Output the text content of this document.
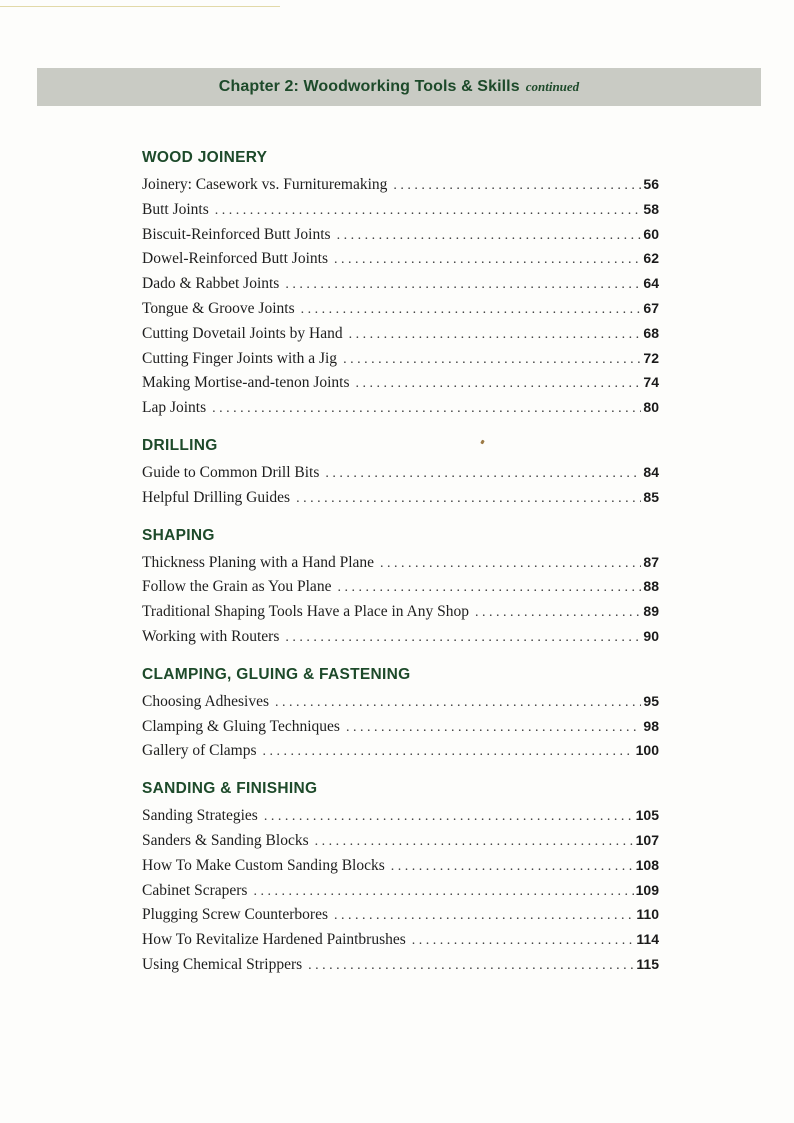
Chapter 2: Woodworking Tools & Skills continued
WOOD JOINERY
Joinery: Casework vs. Furnituremaking . . .	56
Butt Joints . . .	58
Biscuit-Reinforced Butt Joints . . .	60
Dowel-Reinforced Butt Joints . . .	62
Dado & Rabbet Joints . . .	64
Tongue & Groove Joints . . .	67
Cutting Dovetail Joints by Hand . . .	68
Cutting Finger Joints with a Jig . . .	72
Making Mortise-and-tenon Joints . . .	74
Lap Joints . . .	80
DRILLING
Guide to Common Drill Bits . . .	84
Helpful Drilling Guides . . .	85
SHAPING
Thickness Planing with a Hand Plane . . .	87
Follow the Grain as You Plane . . .	88
Traditional Shaping Tools Have a Place in Any Shop . . .	89
Working with Routers . . .	90
CLAMPING, GLUING & FASTENING
Choosing Adhesives . . .	95
Clamping & Gluing Techniques . . .	98
Gallery of Clamps . . .	100
SANDING & FINISHING
Sanding Strategies . . .	105
Sanders & Sanding Blocks . . .	107
How To Make Custom Sanding Blocks . . .	108
Cabinet Scrapers . . .	109
Plugging Screw Counterbores . . .	110
How To Revitalize Hardened Paintbrushes . . .	114
Using Chemical Strippers . . .	115
